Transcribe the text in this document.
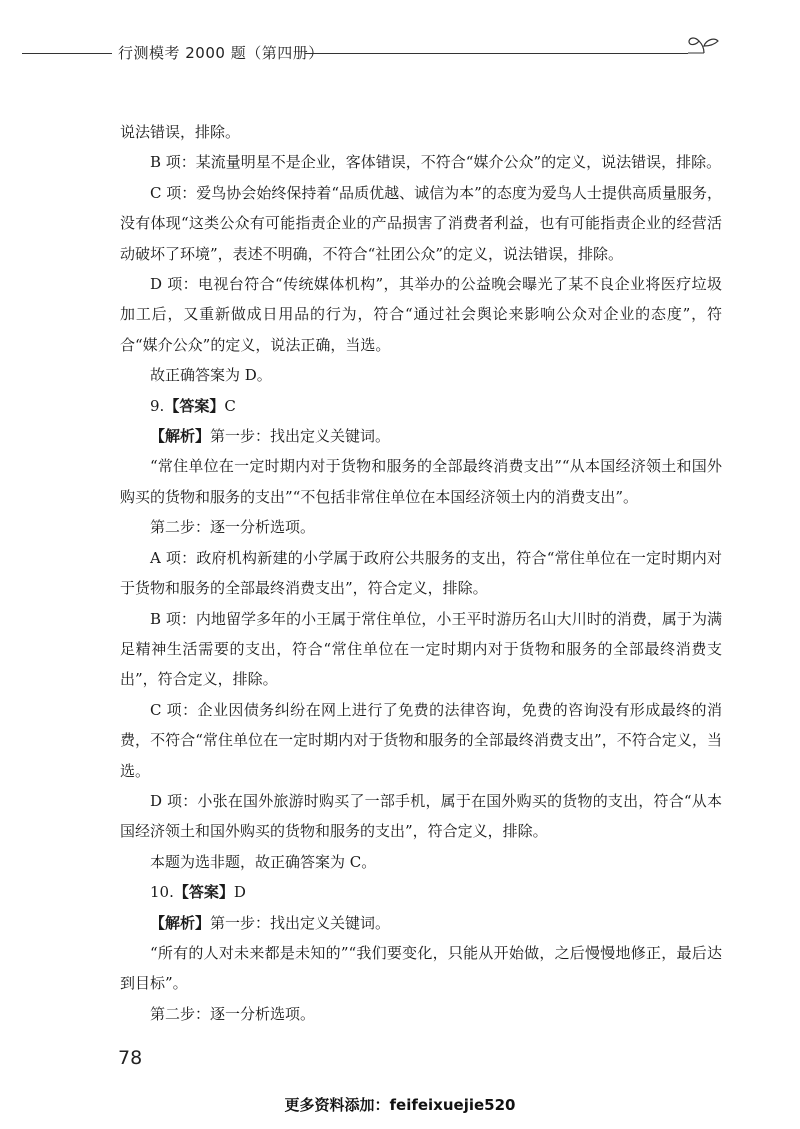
行测模考 2000 题（第四册）

说法错误，排除。

B 项：某流量明星不是企业，客体错误，不符合“媒介公众”的定义，说法错误，排除。

C 项：爱鸟协会始终保持着“品质优越、诚信为本”的态度为爱鸟人士提供高质量服务，没有体现“这类公众有可能指责企业的产品损害了消费者利益，也有可能指责企业的经营活动破坏了环境”，表述不明确，不符合“社团公众”的定义，说法错误，排除。

D 项：电视台符合“传统媒体机构”，其举办的公益晚会曝光了某不良企业将医疗垃圾加工后，又重新做成日用品的行为，符合“通过社会舆论来影响公众对企业的态度”，符合“媒介公众”的定义，说法正确，当选。

故正确答案为 D。

9.【答案】C

【解析】第一步：找出定义关键词。

“常住单位在一定时期内对于货物和服务的全部最终消费支出”“从本国经济领土和国外购买的货物和服务的支出”“不包括非常住单位在本国经济领土内的消费支出”。

第二步：逐一分析选项。

A 项：政府机构新建的小学属于政府公共服务的支出，符合“常住单位在一定时期内对于货物和服务的全部最终消费支出”，符合定义，排除。

B 项：内地留学多年的小王属于常住单位，小王平时游历名山大川时的消费，属于为满足精神生活需要的支出，符合“常住单位在一定时期内对于货物和服务的全部最终消费支出”，符合定义，排除。

C 项：企业因债务纠纷在网上进行了免费的法律咨询，免费的咨询没有形成最终的消费，不符合“常住单位在一定时期内对于货物和服务的全部最终消费支出”，不符合定义，当选。

D 项：小张在国外旅游时购买了一部手机，属于在国外购买的货物的支出，符合“从本国经济领土和国外购买的货物和服务的支出”，符合定义，排除。

本题为选非题，故正确答案为 C。

10.【答案】D

【解析】第一步：找出定义关键词。

“所有的人对未来都是未知的”“我们要变化，只能从开始做，之后慢慢地修正，最后达到目标”。

第二步：逐一分析选项。

78
更多资料添加：feifeixuejie520
